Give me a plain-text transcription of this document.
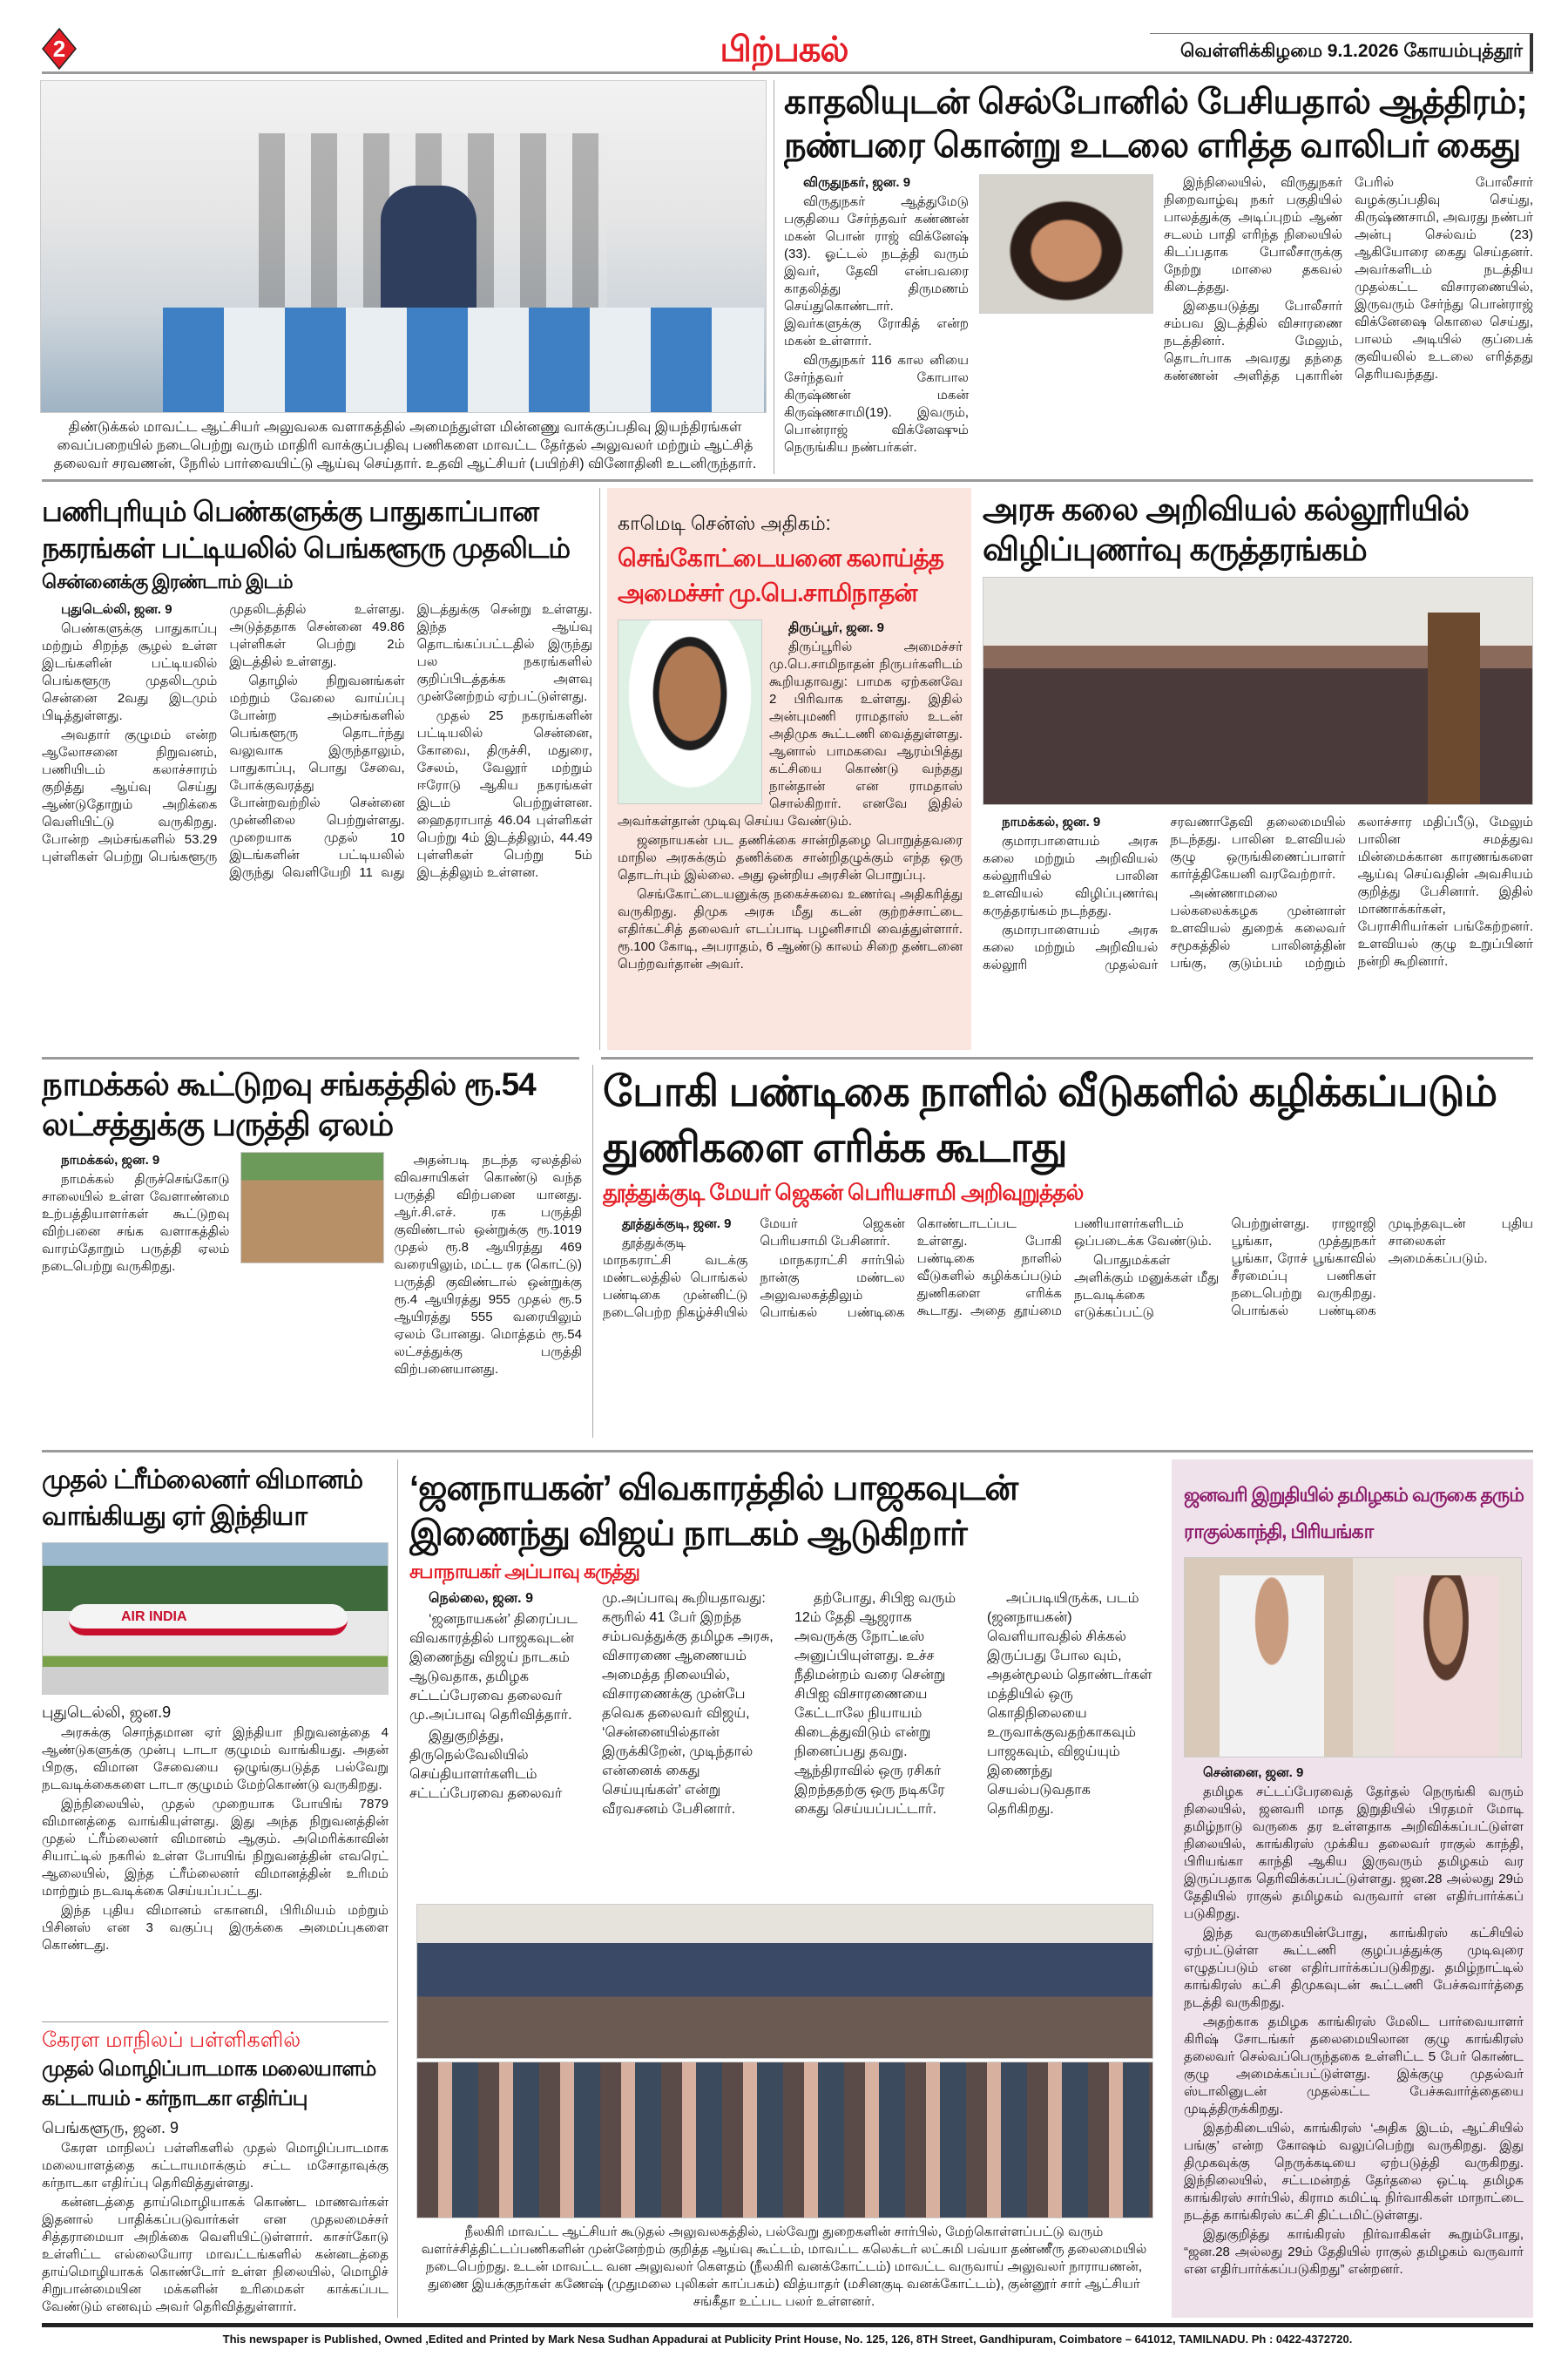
2	பிற்பகல்	வெள்ளிக்கிழமை 9.1.2026 கோயம்புத்தூர்
திண்டுக்கல் மாவட்ட ஆட்சியர் அலுவலக வளாகத்தில் அமைந்துள்ள மின்னணு வாக்குப்பதிவு இயந்திரங்கள் வைப்பறையில் நடைபெற்று வரும் மாதிரி வாக்குப்பதிவு பணிகளை மாவட்ட தேர்தல் அலுவலர் மற்றும் ஆட்சித் தலைவர் சரவணன், நேரில் பார்வையிட்டு ஆய்வு செய்தார். உதவி ஆட்சியர் (பயிற்சி) வினோதினி உடனிருந்தார்.
காதலியுடன் செல்போனில் பேசியதால் ஆத்திரம்; நண்பரை கொன்று உடலை எரித்த வாலிபர் கைது

விருதுநகர், ஜன. 9

விருதுநகர் ஆத்துமேடு பகுதியை சேர்ந்தவர் கண்ணன் மகன் பொன் ராஜ் விக்னேஷ் (33). ஓட்டல் நடத்தி வரும் இவர், தேவி என்பவரை காதலித்து திருமணம் செய்துகொண்டார். இவர்களுக்கு ரோகித் என்ற மகன் உள்ளார்.

விருதுநகர் 116 கால னியை சேர்ந்தவர் கோபால கிருஷ்ணன் மகன் கிருஷ்ணசாமி(19). இவரும், பொன்ராஜ் விக்னேஷும் நெருங்கிய நண்பர்கள்.

இந்நிலையில், விருதுநகர் நிறைவாழ்வு நகர் பகுதியில் பாலத்துக்கு அடிப்புறம் ஆண் சடலம் பாதி எரிந்த நிலையில் கிடப்பதாக போலீசாருக்கு நேற்று மாலை தகவல் கிடைத்தது.

இதையடுத்து போலீசார் சம்பவ இடத்தில் விசாரணை நடத்தினர். மேலும், தொடர்பாக அவரது தந்தை கண்ணன் அளித்த புகாரின் பேரில் போலீசார் வழக்குப்பதிவு செய்து, கிருஷ்ணசாமி, அவரது நண்பர் அன்பு செல்வம் (23) ஆகியோரை கைது செய்தனர். அவர்களிடம் நடத்திய முதல்கட்ட விசாரணையில், இருவரும் சேர்ந்து பொன்ராஜ் விக்னேஷை கொலை செய்து, பாலம் அடியில் குப்பைக் குவியலில் உடலை எரித்தது தெரியவந்தது.

பணிபுரியும் பெண்களுக்கு பாதுகாப்பான நகரங்கள் பட்டியலில் பெங்களூரு முதலிடம்
சென்னைக்கு இரண்டாம் இடம்

புதுடெல்லி, ஜன. 9

பெண்களுக்கு பாதுகாப்பு மற்றும் சிறந்த சூழல் உள்ள இடங்களின் பட்டியலில் பெங்களூரு முதலிடமும் சென்னை 2வது இடமும் பிடித்துள்ளது.

அவதார் குழுமம் என்ற ஆலோசனை நிறுவனம், பணியிடம் கலாச்சாரம் குறித்து ஆய்வு செய்து ஆண்டுதோறும் அறிக்கை வெளியிட்டு வருகிறது. போன்ற அம்சங்களில் 53.29 புள்ளிகள் பெற்று பெங்களூரு முதலிடத்தில் உள்ளது. அடுத்ததாக சென்னை 49.86 புள்ளிகள் பெற்று 2ம் இடத்தில் உள்ளது.

தொழில் நிறுவனங்கள் மற்றும் வேலை வாய்ப்பு போன்ற அம்சங்களில் பெங்களூரு தொடர்ந்து வலுவாக இருந்தாலும், பாதுகாப்பு, பொது சேவை, போக்குவரத்து போன்றவற்றில் சென்னை முன்னிலை பெற்றுள்ளது. முறையாக முதல் 10 இடங்களின் பட்டியலில் இருந்து வெளியேறி 11 வது இடத்துக்கு சென்று உள்ளது. இந்த ஆய்வு தொடங்கப்பட்டதில் இருந்து பல நகரங்களில் குறிப்பிடத்தக்க அளவு முன்னேற்றம் ஏற்பட்டுள்ளது.

முதல் 25 நகரங்களின் பட்டியலில் சென்னை, கோவை, திருச்சி, மதுரை, சேலம், வேலூர் மற்றும் ஈரோடு ஆகிய நகரங்கள் இடம் பெற்றுள்ளன. ஹைதராபாத் 46.04 புள்ளிகள் பெற்று 4ம் இடத்திலும், 44.49 புள்ளிகள் பெற்று 5ம் இடத்திலும் உள்ளன.

காமெடி சென்ஸ் அதிகம்:
செங்கோட்டையனை கலாய்த்த அமைச்சர் மு.பெ.சாமிநாதன்

திருப்பூர், ஜன. 9

திருப்பூரில் அமைச்சர் மு.பெ.சாமிநாதன் நிருபர்களிடம் கூறியதாவது: பாமக ஏற்கனவே 2 பிரிவாக உள்ளது. இதில் அன்புமணி ராமதாஸ் உடன் அதிமுக கூட்டணி வைத்துள்ளது. ஆனால் பாமகவை ஆரம்பித்து கட்சியை கொண்டு வந்தது நான்தான் என ராமதாஸ் சொல்கிறார். எனவே இதில் அவர்கள்தான் முடிவு செய்ய வேண்டும்.

ஜனநாயகன் பட தணிக்கை சான்றிதழை பொறுத்தவரை மாநில அரசுக்கும் தணிக்கை சான்றிதழுக்கும் எந்த ஒரு தொடர்பும் இல்லை. அது ஒன்றிய அரசின் பொறுப்பு.

செங்கோட்டையனுக்கு நகைச்சுவை உணர்வு அதிகரித்து வருகிறது. திமுக அரசு மீது கடன் குற்றச்சாட்டை எதிர்கட்சித் தலைவர் எடப்பாடி பழனிசாமி வைத்துள்ளார். ரூ.100 கோடி, அபராதம், 6 ஆண்டு காலம் சிறை தண்டனை பெற்றவர்தான் அவர்.

அரசு கலை அறிவியல் கல்லூரியில் விழிப்புணர்வு கருத்தரங்கம்

நாமக்கல், ஜன. 9

குமாரபாளையம் அரசு கலை மற்றும் அறிவியல் கல்லூரியில் பாலின உளவியல் விழிப்புணர்வு கருத்தரங்கம் நடந்தது.

குமாரபாளையம் அரசு கலை மற்றும் அறிவியல் கல்லூரி முதல்வர் சரவணாதேவி தலைமையில் நடந்தது. பாலின உளவியல் குழு ஒருங்கிணைப்பாளர் கார்த்திகேயனி வரவேற்றார்.

அண்ணாமலை பல்கலைக்கழக முன்னாள் உளவியல் துறைக் கலைவர் சமூகத்தில் பாலினத்தின் பங்கு, குடும்பம் மற்றும் கலாச்சார மதிப்பீடு, மேலும் பாலின சமத்துவ மின்மைக்கான காரணங்களை ஆய்வு செய்வதின் அவசியம் குறித்து பேசினார். இதில் மாணாக்கர்கள், பேராசிரியர்கள் பங்கேற்றனர். உளவியல் குழு உறுப்பினர் நன்றி கூறினார்.

நாமக்கல் கூட்டுறவு சங்கத்தில் ரூ.54 லட்சத்துக்கு பருத்தி ஏலம்

நாமக்கல், ஜன. 9

நாமக்கல் திருச்செங்கோடு சாலையில் உள்ள வேளாண்மை உற்பத்தியாளர்கள் கூட்டுறவு விற்பனை சங்க வளாகத்தில் வாரம்தோறும் பருத்தி ஏலம் நடைபெற்று வருகிறது.

அதன்படி நடந்த ஏலத்தில் விவசாயிகள் கொண்டு வந்த பருத்தி விற்பனை யானது. ஆர்.சி.எச். ரக பருத்தி குவிண்டால் ஒன்றுக்கு ரூ.1019 முதல் ரூ.8 ஆயிரத்து 469 வரையிலும், மட்ட ரக (கொட்டு) பருத்தி குவிண்டால் ஒன்றுக்கு ரூ.4 ஆயிரத்து 955 முதல் ரூ.5 ஆயிரத்து 555 வரையிலும் ஏலம் போனது. மொத்தம் ரூ.54 லட்சத்துக்கு பருத்தி விற்பனையானது.

போகி பண்டிகை நாளில் வீடுகளில் கழிக்கப்படும் துணிகளை எரிக்க கூடாது
தூத்துக்குடி மேயர் ஜெகன் பெரியசாமி அறிவுறுத்தல்

தூத்துக்குடி, ஜன. 9

தூத்துக்குடி மாநகராட்சி வடக்கு மண்டலத்தில் பொங்கல் பண்டிகை முன்னிட்டு நடைபெற்ற நிகழ்ச்சியில் மேயர் ஜெகன் பெரியசாமி பேசினார்.

மாநகராட்சி சார்பில் நான்கு மண்டல அலுவலகத்திலும் பொங்கல் பண்டிகை கொண்டாடப்பட உள்ளது. போகி பண்டிகை நாளில் வீடுகளில் கழிக்கப்படும் துணிகளை எரிக்க கூடாது. அதை தூய்மை பணியாளர்களிடம் ஒப்படைக்க வேண்டும்.

பொதுமக்கள் அளிக்கும் மனுக்கள் மீது நடவடிக்கை எடுக்கப்பட்டு பெற்றுள்ளது. ராஜாஜி பூங்கா, முத்துநகர் பூங்கா, ரோச் பூங்காவில் சீரமைப்பு பணிகள் நடைபெற்று வருகிறது. பொங்கல் பண்டிகை முடிந்தவுடன் புதிய சாலைகள் அமைக்கப்படும்.

முதல் ட்ரீம்லைனர் விமானம் வாங்கியது ஏர் இந்தியா
AIR INDIA

புதுடெல்லி, ஜன.9

அரசுக்கு சொந்தமான ஏர் இந்தியா நிறுவனத்தை 4 ஆண்டுகளுக்கு முன்பு டாடா குழுமம் வாங்கியது. அதன் பிறகு, விமான சேவையை ஒழுங்குபடுத்த பல்வேறு நடவடிக்கைகளை டாடா குழுமம் மேற்கொண்டு வருகிறது.

இந்நிலையில், முதல் முறையாக போயிங் 7879 விமானத்தை வாங்கியுள்ளது. இது அந்த நிறுவனத்தின் முதல் ட்ரீம்லைனர் விமானம் ஆகும். அமெரிக்காவின் சியாட்டில் நகரில் உள்ள போயிங் நிறுவனத்தின் எவரெட் ஆலையில், இந்த ட்ரீம்லைனர் விமானத்தின் உரிமம் மாற்றும் நடவடிக்கை செய்யப்பட்டது.

இந்த புதிய விமானம் எகானமி, பிரிமியம் மற்றும் பிசினஸ் என 3 வகுப்பு இருக்கை அமைப்புகளை கொண்டது.

கேரள மாநிலப் பள்ளிகளில்
முதல் மொழிப்பாடமாக மலையாளம் கட்டாயம் - கர்நாடகா எதிர்ப்பு

பெங்களூரு, ஜன. 9

கேரள மாநிலப் பள்ளிகளில் முதல் மொழிப்பாடமாக மலையாளத்தை கட்டாயமாக்கும் சட்ட மசோதாவுக்கு கர்நாடகா எதிர்ப்பு தெரிவித்துள்ளது.

கன்னடத்தை தாய்மொழியாகக் கொண்ட மாணவர்கள் இதனால் பாதிக்கப்படுவார்கள் என முதலமைச்சர் சித்தராமையா அறிக்கை வெளியிட்டுள்ளார். காசர்கோடு உள்ளிட்ட எல்லையோர மாவட்டங்களில் கன்னடத்தை தாய்மொழியாகக் கொண்டோர் உள்ள நிலையில், மொழிச் சிறுபான்மையின மக்களின் உரிமைகள் காக்கப்பட வேண்டும் எனவும் அவர் தெரிவித்துள்ளார்.

‘ஜனநாயகன்’ விவகாரத்தில் பாஜகவுடன் இணைந்து விஜய் நாடகம் ஆடுகிறார்
சபாநாயகர் அப்பாவு கருத்து

நெல்லை, ஜன. 9

‘ஜனநாயகன்’ திரைப்பட விவகாரத்தில் பாஜகவுடன் இணைந்து விஜய் நாடகம் ஆடுவதாக, தமிழக சட்டப்பேரவை தலைவர் மு.அப்பாவு தெரிவித்தார்.

இதுகுறித்து, திருநெல்வேலியில் செய்தியாளர்களிடம் சட்டப்பேரவை தலைவர் மு.அப்பாவு கூறியதாவது: கரூரில் 41 பேர் இறந்த சம்பவத்துக்கு தமிழக அரசு, விசாரணை ஆணையம் அமைத்த நிலையில், விசாரணைக்கு முன்பே தவெக தலைவர் விஜய், ‘சென்னையில்தான் இருக்கிறேன், முடிந்தால் என்னைக் கைது செய்யுங்கள்’ என்று வீரவசனம் பேசினார்.

தற்போது, சிபிஐ வரும் 12ம் தேதி ஆஜராக அவருக்கு நோட்டீஸ் அனுப்பியுள்ளது. உச்ச நீதிமன்றம் வரை சென்று சிபிஐ விசாரணையை கேட்டாலே நியாயம் கிடைத்துவிடும் என்று நினைப்பது தவறு. ஆந்திராவில் ஒரு ரசிகர் இறந்ததற்கு ஒரு நடிகரே கைது செய்யப்பட்டார்.

அப்படியிருக்க, படம் (ஜனநாயகன்) வெளியாவதில் சிக்கல் இருப்பது போல வும், அதன்மூலம் தொண்டர்கள் மத்தியில் ஒரு கொதிநிலையை உருவாக்குவதற்காகவும் பாஜகவும், விஜய்யும் இணைந்து செயல்படுவதாக தெரிகிறது.

நீலகிரி மாவட்ட ஆட்சியர் கூடுதல் அலுவலகத்தில், பல்வேறு துறைகளின் சார்பில், மேற்கொள்ளப்பட்டு வரும் வளர்ச்சித்திட்டப்பணிகளின் முன்னேற்றம் குறித்த ஆய்வு கூட்டம், மாவட்ட கலெக்டர் லட்சுமி பவ்யா தண்ணீரு தலைமையில் நடைபெற்றது. உடன் மாவட்ட வன அலுவலர் கௌதம் (நீலகிரி வனக்கோட்டம்) மாவட்ட வருவாய் அலுவலர் நாராயணன், துணை இயக்குநர்கள் கணேஷ் (முதுமலை புலிகள் காப்பகம்) வித்யாதர் (மசினகுடி வனக்கோட்டம்), குன்னூர் சார் ஆட்சியர் சங்கீதா உட்பட பலர் உள்ளனர்.
ஜனவரி இறுதியில் தமிழகம் வருகை தரும் ராகுல்காந்தி, பிரியங்கா

சென்னை, ஜன. 9

தமிழக சட்டப்பேரவைத் தேர்தல் நெருங்கி வரும் நிலையில், ஜனவரி மாத இறுதியில் பிரதமர் மோடி தமிழ்நாடு வருகை தர உள்ளதாக அறிவிக்கப்பட்டுள்ள நிலையில், காங்கிரஸ் முக்கிய தலைவர் ராகுல் காந்தி, பிரியங்கா காந்தி ஆகிய இருவரும் தமிழகம் வர இருப்பதாக தெரிவிக்கப்பட்டுள்ளது. ஜன.28 அல்லது 29ம் தேதியில் ராகுல் தமிழகம் வருவார் என எதிர்பார்க்கப் படுகிறது.

இந்த வருகையின்போது, காங்கிரஸ் கட்சியில் ஏற்பட்டுள்ள கூட்டணி குழப்பத்துக்கு முடிவுரை எழுதப்படும் என எதிர்பார்க்கப்படுகிறது. தமிழ்நாட்டில் காங்கிரஸ் கட்சி திமுகவுடன் கூட்டணி பேச்சுவார்த்தை நடத்தி வருகிறது.

அதற்காக தமிழக காங்கிரஸ் மேலிட பார்வையாளர் கிரிஷ் சோடங்கர் தலைமையிலான குழு காங்கிரஸ் தலைவர் செல்வப்பெருந்தகை உள்ளிட்ட 5 பேர் கொண்ட குழு அமைக்கப்பட்டுள்ளது. இக்குழு முதல்வர் ஸ்டாலினுடன் முதல்கட்ட பேச்சுவார்த்தையை முடித்திருக்கிறது.

இதற்கிடையில், காங்கிரஸ் ‘அதிக இடம், ஆட்சியில் பங்கு’ என்ற கோஷம் வலுப்பெற்று வருகிறது. இது திமுகவுக்கு நெருக்கடியை ஏற்படுத்தி வருகிறது. இந்நிலையில், சட்டமன்றத் தேர்தலை ஒட்டி தமிழக காங்கிரஸ் சார்பில், கிராம கமிட்டி நிர்வாகிகள் மாநாட்டை நடத்த காங்கிரஸ் கட்சி திட்டமிட்டுள்ளது.

இதுகுறித்து காங்கிரஸ் நிர்வாகிகள் கூறும்போது, “ஜன.28 அல்லது 29ம் தேதியில் ராகுல் தமிழகம் வருவார் என எதிர்பார்க்கப்படுகிறது” என்றனர்.

This newspaper is Published, Owned ,Edited and Printed by Mark Nesa Sudhan Appadurai at Publicity Print House, No. 125, 126, 8TH Street, Gandhipuram, Coimbatore – 641012, TAMILNADU. Ph : 0422-4372720.
